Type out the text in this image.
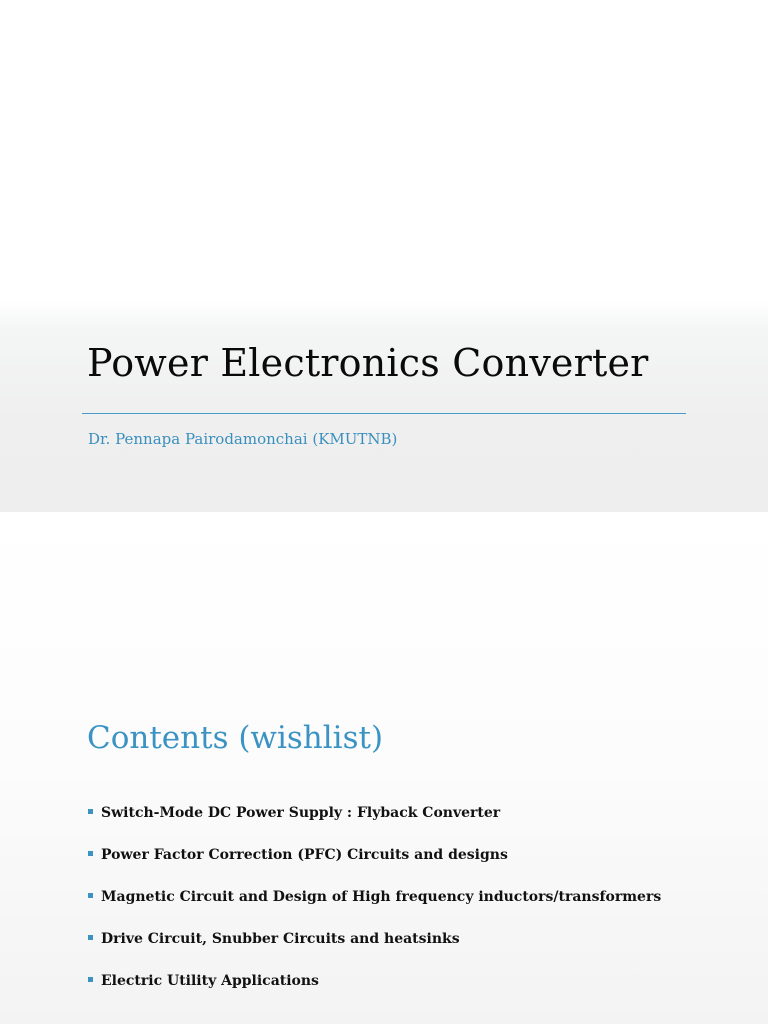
Power Electronics Converter

Dr. Pennapa Pairodamonchai (KMUTNB)

Contents (wishlist)
Switch-Mode DC Power Supply : Flyback Converter
Power Factor Correction (PFC) Circuits and designs
Magnetic Circuit and Design of High frequency inductors/transformers
Drive Circuit, Snubber Circuits and heatsinks
Electric Utility Applications
